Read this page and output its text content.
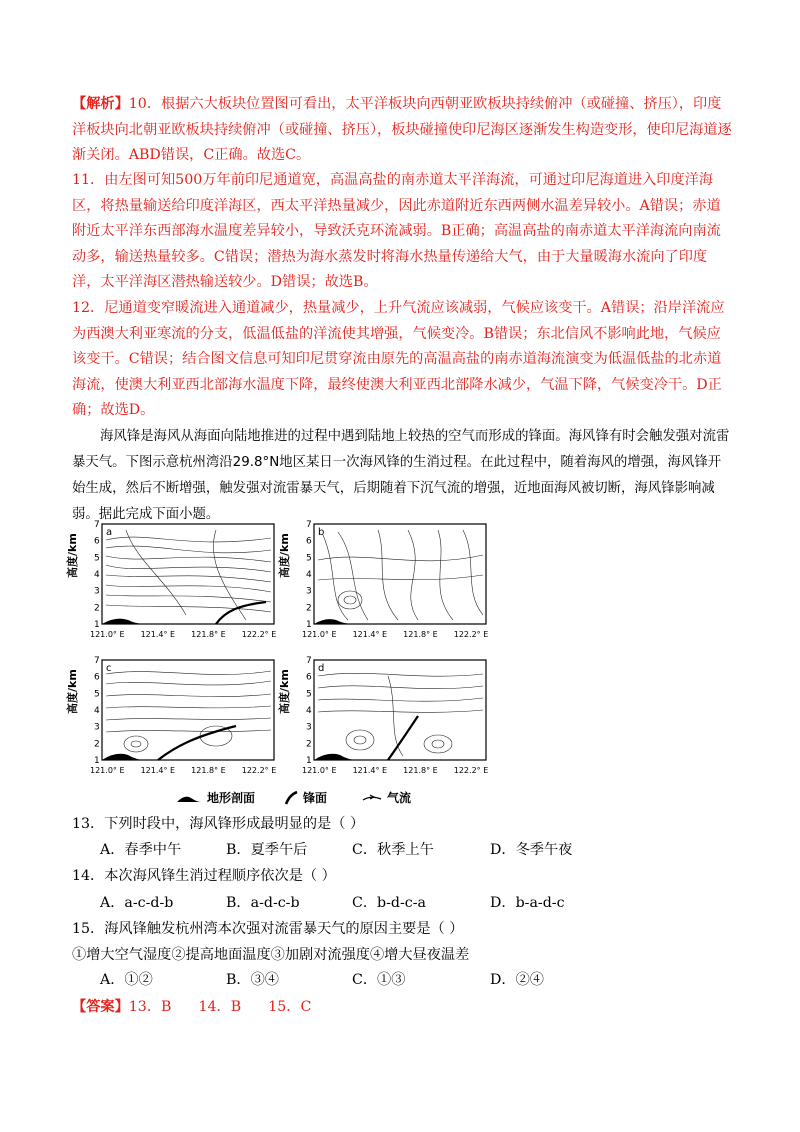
【解析】10．根据六大板块位置图可看出，太平洋板块向西朝亚欧板块持续俯冲（或碰撞、挤压），印度洋板块向北朝亚欧板块持续俯冲（或碰撞、挤压），板块碰撞使印尼海区逐渐发生构造变形，使印尼海道逐渐关闭。ABD错误，C正确。故选C。
11．由左图可知500万年前印尼通道宽，高温高盐的南赤道太平洋海流，可通过印尼海道进入印度洋海区，将热量输送给印度洋海区，西太平洋热量减少，因此赤道附近东西两侧水温差异较小。A错误；赤道附近太平洋东西部海水温度差异较小，导致沃克环流减弱。B正确；高温高盐的南赤道太平洋海流向南流动多，输送热量较多。C错误；潜热为海水蒸发时将海水热量传递给大气，由于大量暖海水流向了印度洋，太平洋海区潜热输送较少。D错误；故选B。
12．尼通道变窄暖流进入通道减少，热量减少，上升气流应该减弱，气候应该变干。A错误；沿岸洋流应为西澳大利亚寒流的分支，低温低盐的洋流使其增强，气候变冷。B错误；东北信风不影响此地，气候应该变干。C错误；结合图文信息可知印尼贯穿流由原先的高温高盐的南赤道海流演变为低温低盐的北赤道海流，使澳大利亚西北部海水温度下降，最终使澳大利亚西北部降水减少，气温下降，气候变冷干。D正确；故选D。
海风锋是海风从海面向陆地推进的过程中遇到陆地上较热的空气而形成的锋面。海风锋有时会触发强对流雷暴天气。下图示意杭州湾沿29.8°N地区某日一次海风锋的生消过程。在此过程中，随着海风的增强，海风锋开始生成，然后不断增强，触发强对流雷暴天气，后期随着下沉气流的增强，近地面海风被切断，海风锋影响减弱。据此完成下面小题。
高度/km
1
2
3
4
5
6
7
121.0° E 121.4° E 121.8° E 122.2° E
a
高度/km
1
2
3
4
5
6
7
121.0° E 121.4° E 121.8° E 122.2° E
b
高度/km
1
2
3
4
5
6
7
121.0° E 121.4° E 121.8° E 122.2° E
c
高度/km
1
2
3
4
5
6
7
121.0° E 121.4° E 121.8° E 122.2° E
d
地形剖面	锋面	气流
13．下列时段中，海风锋形成最明显的是（ ）
A．春季中午	B．夏季午后	C．秋季上午	D．冬季午夜
14．本次海风锋生消过程顺序依次是（ ）
A．a-c-d-b	B．a-d-c-b	C．b-d-c-a	D．b-a-d-c
15．海风锋触发杭州湾本次强对流雷暴天气的原因主要是（ ）
①增大空气湿度②提高地面温度③加剧对流强度④增大昼夜温差
A．①②	B．③④	C．①③	D．②④
【答案】13．B      14．B      15．C
